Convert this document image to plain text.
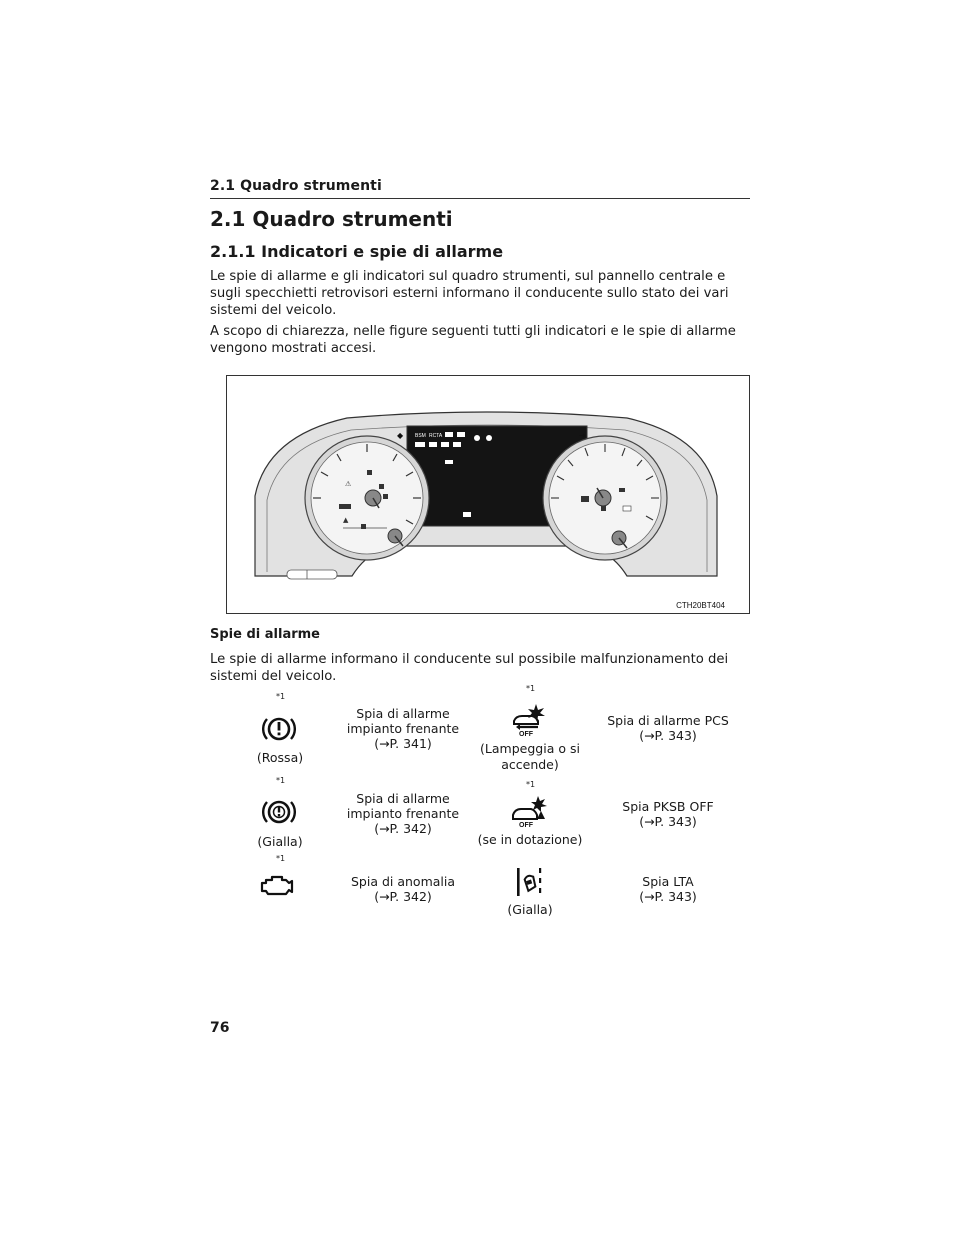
2.1 Quadro strumenti
2.1 Quadro strumenti
2.1.1 Indicatori e spie di allarme
Le spie di allarme e gli indicatori sul quadro strumenti, sul pannello centrale e sugli specchietti retrovisori esterni informano il conducente sullo stato dei vari sistemi del veicolo.
A scopo di chiarezza, nelle figure seguenti tutti gli indicatori e le spie di allarme vengono mostrati accesi.
BSM RCTA
◆	➜
⚠
▲
CTH20BT404
Spie di allarme
Le spie di allarme informano il conducente sul possibile malfunzionamento dei sistemi del veicolo.
*1
(Rossa)
Spia di allarme
impianto frenante
(→P. 341)
*1
OFF
(Lampeggia o si
accende)
Spia di allarme PCS
(→P. 343)
*1
(Gialla)
Spia di allarme
impianto frenante
(→P. 342)
*1
OFF
(se in dotazione)
Spia PKSB OFF
(→P. 343)
*1
Spia di anomalia
(→P. 342)
(Gialla)
Spia LTA
(→P. 343)
76
